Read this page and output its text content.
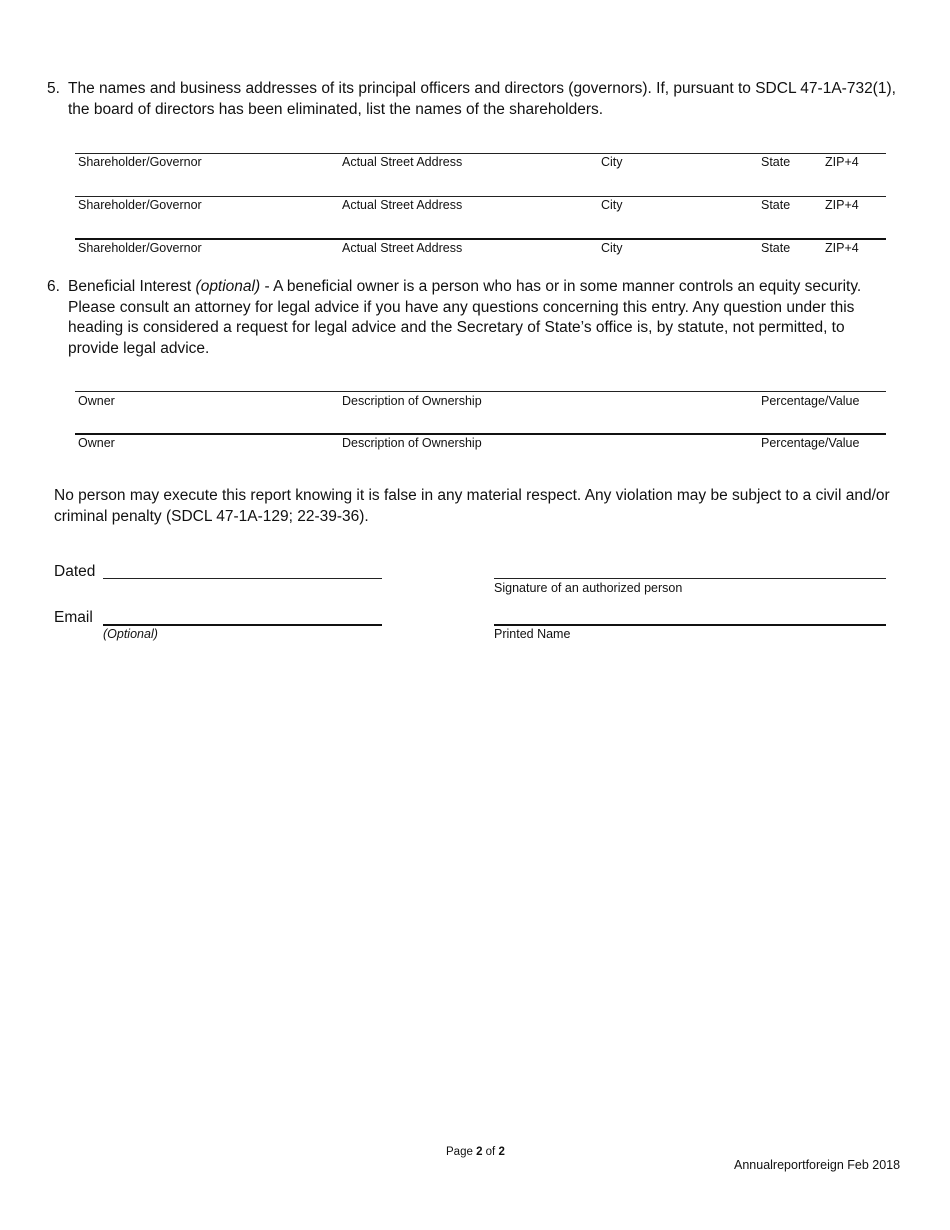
5. The names and business addresses of its principal officers and directors (governors). If, pursuant to SDCL 47-1A-732(1), the board of directors has been eliminated, list the names of the shareholders.
Shareholder/Governor	Actual Street Address	City	State	ZIP+4
Shareholder/Governor	Actual Street Address	City	State	ZIP+4
Shareholder/Governor	Actual Street Address	City	State	ZIP+4
6. Beneficial Interest (optional) - A beneficial owner is a person who has or in some manner controls an equity security. Please consult an attorney for legal advice if you have any questions concerning this entry. Any question under this heading is considered a request for legal advice and the Secretary of State’s office is, by statute, not permitted, to provide legal advice.
Owner	Description of Ownership	Percentage/Value
Owner	Description of Ownership	Percentage/Value
No person may execute this report knowing it is false in any material respect. Any violation may be subject to a civil and/or criminal penalty (SDCL 47-1A-129; 22-39-36).
Dated
Signature of an authorized person
Email
(Optional)	Printed Name
Page 2 of 2
Annualreportforeign Feb 2018
